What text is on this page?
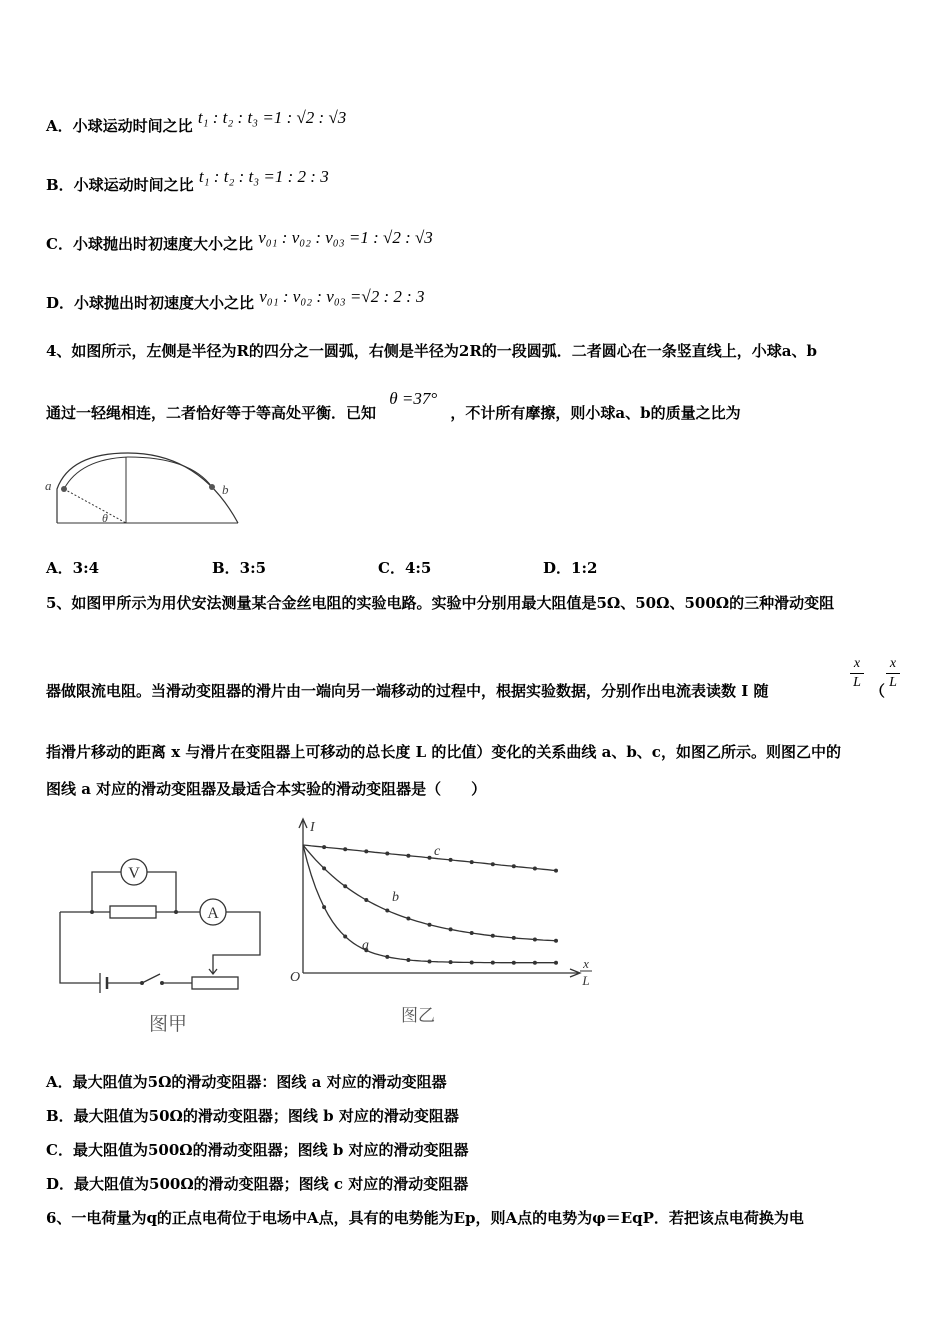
A．小球运动时间之比 t₁ : t₂ : t₃ =1 : √2 : √3
B．小球运动时间之比 t₁ : t₂ : t₃ =1 : 2 : 3
C．小球抛出时初速度大小之比 v₀₁ : v₀₂ : v₀₃ =1 : √2 : √3
D．小球抛出时初速度大小之比 v₀₁ : v₀₂ : v₀₃ =√2 : 2 : 3
4、如图所示，左侧是半径为R的四分之一圆弧，右侧是半径为2R的一段圆弧．二者圆心在一条竖直线上，小球a、b
通过一轻绳相连，二者恰好等于等高处平衡．已知 θ =37° ，不计所有摩擦，则小球a、b的质量之比为
a	b
θ
A．3:4	B．3:5	C．4:5	D．1:2
5、如图甲所示为用伏安法测量某合金丝电阻的实验电路。实验中分别用最大阻值是5Ω、50Ω、500Ω的三种滑动变阻
器做限流电阻。当滑动变阻器的滑片由一端向另一端移动的过程中，根据实验数据，分别作出电流表读数 I 随
x
L （
x
L
指滑片移动的距离 x 与滑片在变阻器上可移动的总长度 L 的比值）变化的关系曲线 a、b、c，如图乙所示。则图乙中的
图线 a 对应的滑动变阻器及最适合本实验的滑动变阻器是（　　）
V
A
图甲
I
O
x
L
a
b
c
图乙
A．最大阻值为5Ω的滑动变阻器：图线 a 对应的滑动变阻器
B．最大阻值为50Ω的滑动变阻器；图线 b 对应的滑动变阻器
C．最大阻值为500Ω的滑动变阻器；图线 b 对应的滑动变阻器
D．最大阻值为500Ω的滑动变阻器；图线 c 对应的滑动变阻器
6、一电荷量为q的正点电荷位于电场中A点，具有的电势能为Ep，则A点的电势为φ＝EqP．若把该点电荷换为电
